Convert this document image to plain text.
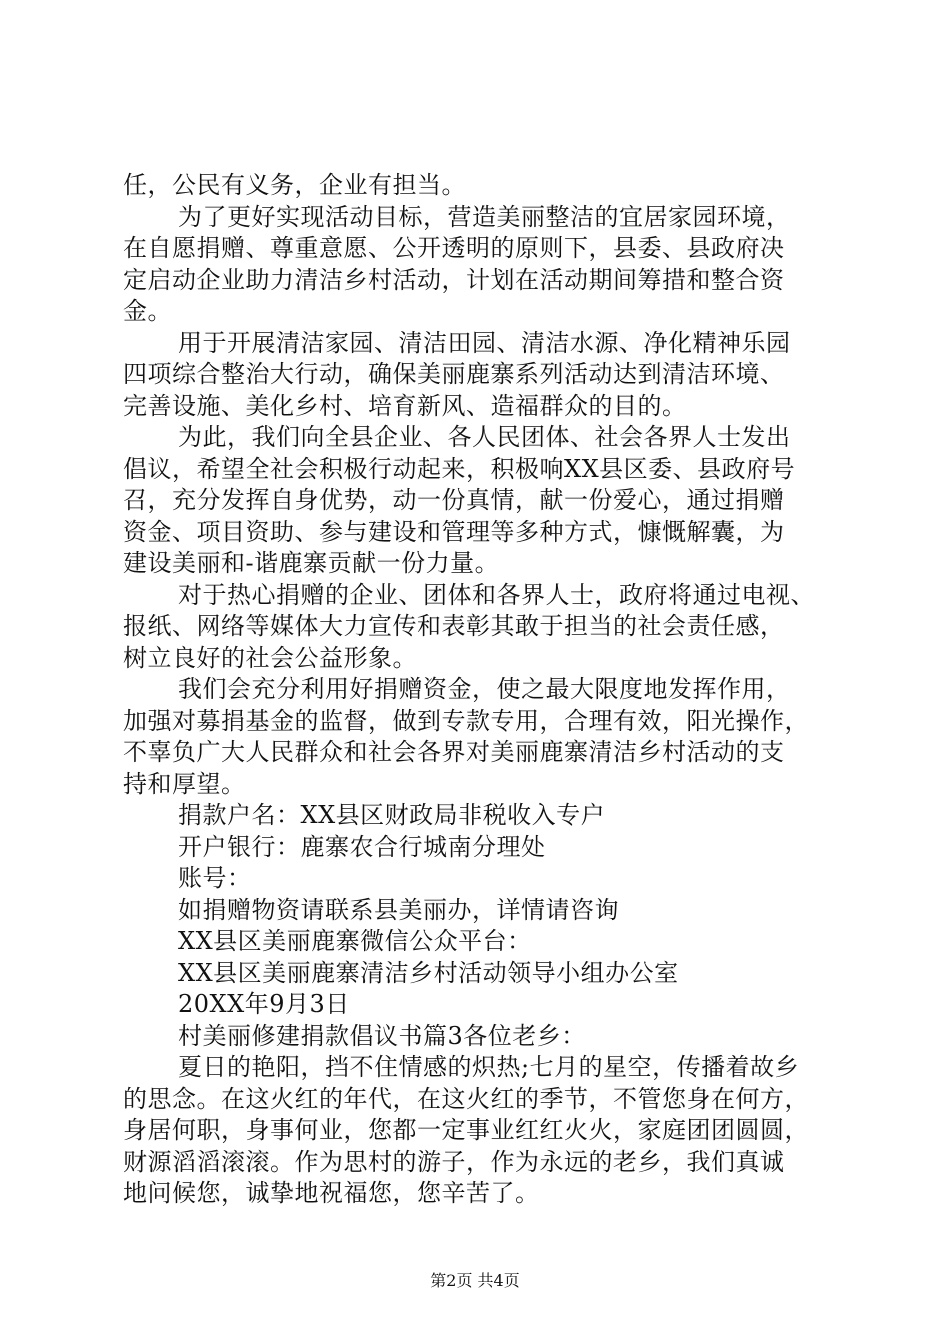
任，公民有义务，企业有担当。
为了更好实现活动目标，营造美丽整洁的宜居家园环境，
在自愿捐赠、尊重意愿、公开透明的原则下，县委、县政府决
定启动企业助力清洁乡村活动，计划在活动期间筹措和整合资
金。
用于开展清洁家园、清洁田园、清洁水源、净化精神乐园
四项综合整治大行动，确保美丽鹿寨系列活动达到清洁环境、
完善设施、美化乡村、培育新风、造福群众的目的。
为此，我们向全县企业、各人民团体、社会各界人士发出
倡议，希望全社会积极行动起来，积极响XX县区委、县政府号
召，充分发挥自身优势，动一份真情，献一份爱心，通过捐赠
资金、项目资助、参与建设和管理等多种方式，慷慨解囊，为
建设美丽和-谐鹿寨贡献一份力量。
对于热心捐赠的企业、团体和各界人士，政府将通过电视、
报纸、网络等媒体大力宣传和表彰其敢于担当的社会责任感，
树立良好的社会公益形象。
我们会充分利用好捐赠资金，使之最大限度地发挥作用，
加强对募捐基金的监督，做到专款专用，合理有效，阳光操作，
不辜负广大人民群众和社会各界对美丽鹿寨清洁乡村活动的支
持和厚望。
捐款户名：XX县区财政局非税收入专户
开户银行：鹿寨农合行城南分理处
账号：
如捐赠物资请联系县美丽办，详情请咨询
XX县区美丽鹿寨微信公众平台：
XX县区美丽鹿寨清洁乡村活动领导小组办公室
20XX年9月3日
村美丽修建捐款倡议书篇3各位老乡：
夏日的艳阳，挡不住情感的炽热;七月的星空，传播着故乡
的思念。在这火红的年代，在这火红的季节，不管您身在何方，
身居何职，身事何业，您都一定事业红红火火，家庭团团圆圆，
财源滔滔滚滚。作为思村的游子，作为永远的老乡，我们真诚
地问候您，诚挚地祝福您，您辛苦了。
第2页 共4页
